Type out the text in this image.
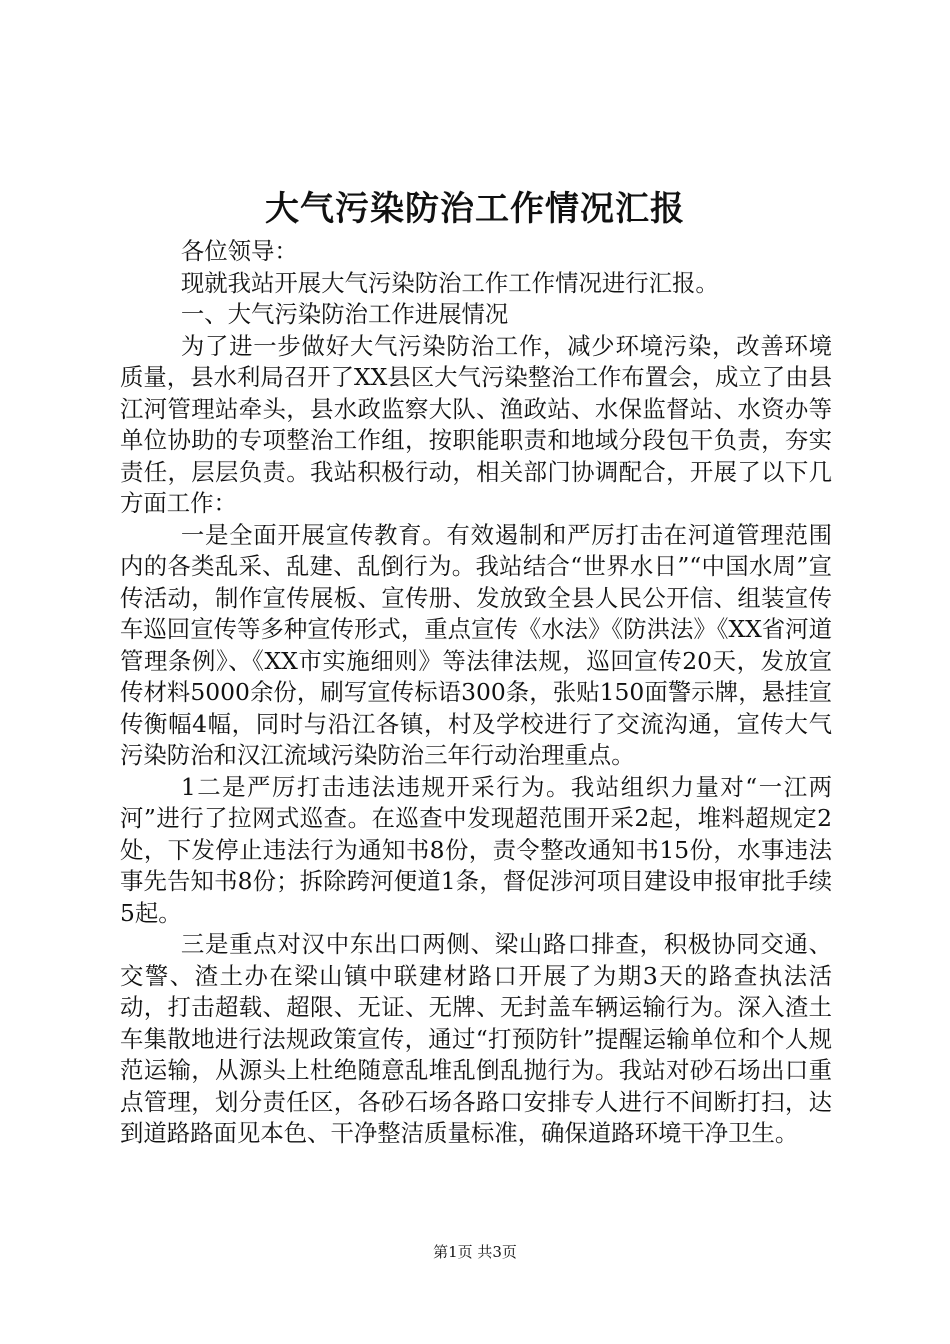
大气污染防治工作情况汇报

各位领导：

现就我站开展大气污染防治工作工作情况进行汇报。

一、大气污染防治工作进展情况

为了进一步做好大气污染防治工作，减少环境污染，改善环境质量，县水利局召开了XX县区大气污染整治工作布置会，成立了由县江河管理站牵头，县水政监察大队、渔政站、水保监督站、水资办等单位协助的专项整治工作组，按职能职责和地域分段包干负责，夯实责任，层层负责。我站积极行动，相关部门协调配合，开展了以下几方面工作：

一是全面开展宣传教育。有效遏制和严厉打击在河道管理范围内的各类乱采、乱建、乱倒行为。我站结合“世界水日”“中国水周”宣传活动，制作宣传展板、宣传册、发放致全县人民公开信、组装宣传车巡回宣传等多种宣传形式，重点宣传《水法》《防洪法》《XX省河道管理条例》、《XX市实施细则》等法律法规，巡回宣传20天，发放宣传材料5000余份，刷写宣传标语300条，张贴150面警示牌，悬挂宣传衡幅4幅，同时与沿江各镇，村及学校进行了交流沟通，宣传大气污染防治和汉江流域污染防治三年行动治理重点。

1二是严厉打击违法违规开采行为。我站组织力量对“一江两河”进行了拉网式巡查。在巡查中发现超范围开采2起，堆料超规定2处，下发停止违法行为通知书8份，责令整改通知书15份，水事违法事先告知书8份；拆除跨河便道1条，督促涉河项目建设申报审批手续5起。

三是重点对汉中东出口两侧、梁山路口排查，积极协同交通、交警、渣土办在梁山镇中联建材路口开展了为期3天的路查执法活动，打击超载、超限、无证、无牌、无封盖车辆运输行为。深入渣土车集散地进行法规政策宣传，通过“打预防针”提醒运输单位和个人规范运输，从源头上杜绝随意乱堆乱倒乱抛行为。我站对砂石场出口重点管理，划分责任区，各砂石场各路口安排专人进行不间断打扫，达到道路路面见本色、干净整洁质量标准，确保道路环境干净卫生。

第1页 共3页
